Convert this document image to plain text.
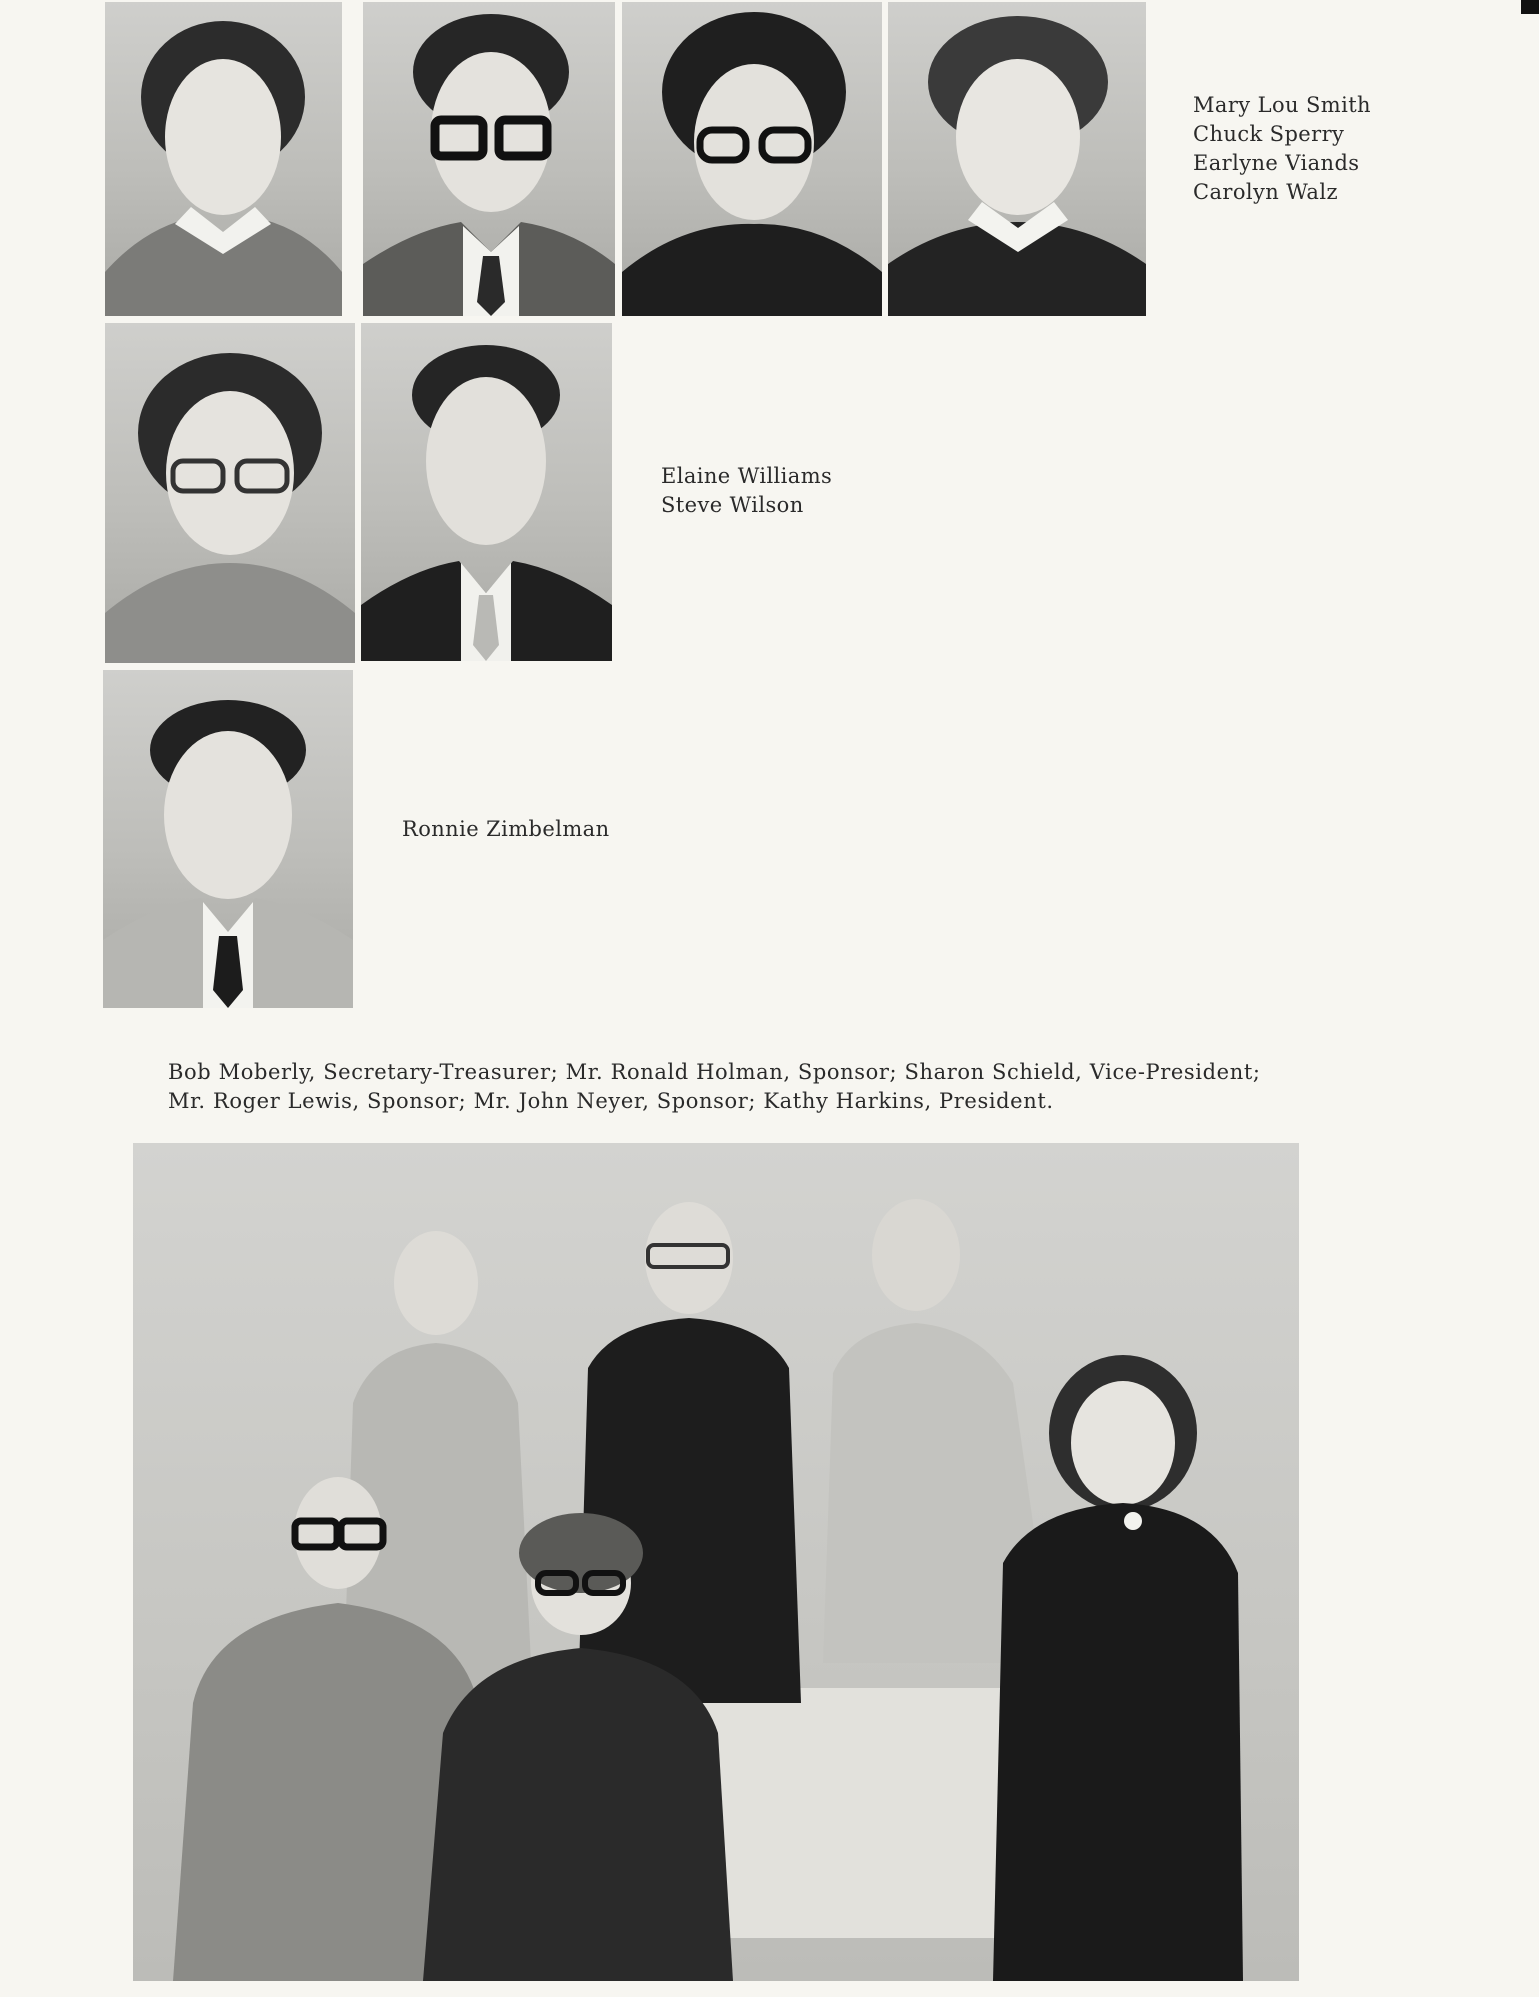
Mary Lou Smith
Chuck Sperry
Earlyne Viands
Carolyn Walz
Elaine Williams
Steve Wilson
Ronnie Zimbelman
Bob Moberly, Secretary-Treasurer; Mr. Ronald Holman, Sponsor; Sharon Schield, Vice-President;
Mr. Roger Lewis, Sponsor; Mr. John Neyer, Sponsor; Kathy Harkins, President.
